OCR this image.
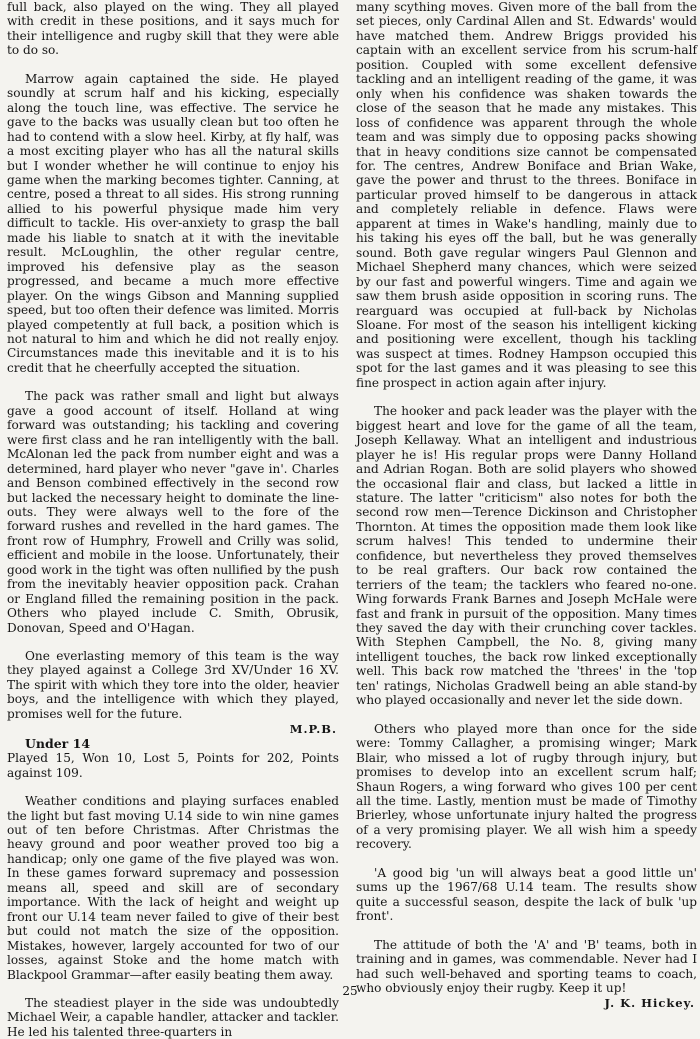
full back, also played on the wing. They all played with credit in these positions, and it says much for their intelligence and rugby skill that they were able to do so.

Marrow again captained the side. He played soundly at scrum half and his kicking, especially along the touch line, was effective. The service he gave to the backs was usually clean but too often he had to contend with a slow heel. Kirby, at fly half, was a most exciting player who has all the natural skills but I wonder whether he will continue to enjoy his game when the marking becomes tighter. Canning, at centre, posed a threat to all sides. His strong running allied to his powerful physique made him very difficult to tackle. His over-anxiety to grasp the ball made his liable to snatch at it with the inevitable result. McLoughlin, the other regular centre, improved his defensive play as the season progressed, and became a much more effective player. On the wings Gibson and Manning supplied speed, but too often their defence was limited. Morris played competently at full back, a position which is not natural to him and which he did not really enjoy. Circumstances made this inevitable and it is to his credit that he cheerfully accepted the situation.

The pack was rather small and light but always gave a good account of itself. Holland at wing forward was outstanding; his tackling and covering were first class and he ran intelligently with the ball. McAlonan led the pack from number eight and was a determined, hard player who never "gave in'. Charles and Benson combined effectively in the second row but lacked the necessary height to dominate the line-outs. They were always well to the fore of the forward rushes and revelled in the hard games. The front row of Humphry, Frowell and Crilly was solid, efficient and mobile in the loose. Unfortunately, their good work in the tight was often nullified by the push from the inevitably heavier opposition pack. Crahan or England filled the remaining position in the pack. Others who played include C. Smith, Obrusik, Donovan, Speed and O'Hagan.

One everlasting memory of this team is the way they played against a College 3rd XV/Under 16 XV. The spirit with which they tore into the older, heavier boys, and the intelligence with which they played, promises well for the future.

M.P.B.

Under 14

Played 15, Won 10, Lost 5, Points for 202, Points against 109.

Weather conditions and playing surfaces enabled the light but fast moving U.14 side to win nine games out of ten before Christmas. After Christmas the heavy ground and poor weather proved too big a handicap; only one game of the five played was won. In these games forward supremacy and possession means all, speed and skill are of secondary importance. With the lack of height and weight up front our U.14 team never failed to give of their best but could not match the size of the opposition. Mistakes, however, largely accounted for two of our losses, against Stoke and the home match with Blackpool Grammar—after easily beating them away.

The steadiest player in the side was undoubtedly Michael Weir, a capable handler, attacker and tackler. He led his talented three-quarters in

many scything moves. Given more of the ball from the set pieces, only Cardinal Allen and St. Edwards' would have matched them. Andrew Briggs provided his captain with an excellent service from his scrum-half position. Coupled with some excellent defensive tackling and an intelligent reading of the game, it was only when his confidence was shaken towards the close of the season that he made any mistakes. This loss of confidence was apparent through the whole team and was simply due to opposing packs showing that in heavy conditions size cannot be compensated for. The centres, Andrew Boniface and Brian Wake, gave the power and thrust to the threes. Boniface in particular proved himself to be dangerous in attack and completely reliable in defence. Flaws were apparent at times in Wake's handling, mainly due to his taking his eyes off the ball, but he was generally sound. Both gave regular wingers Paul Glennon and Michael Shepherd many chances, which were seized by our fast and powerful wingers. Time and again we saw them brush aside opposition in scoring runs. The rearguard was occupied at full-back by Nicholas Sloane. For most of the season his intelligent kicking and positioning were excellent, though his tackling was suspect at times. Rodney Hampson occupied this spot for the last games and it was pleasing to see this fine prospect in action again after injury.

The hooker and pack leader was the player with the biggest heart and love for the game of all the team, Joseph Kellaway. What an intelligent and industrious player he is! His regular props were Danny Holland and Adrian Rogan. Both are solid players who showed the occasional flair and class, but lacked a little in stature. The latter "criticism" also notes for both the second row men—Terence Dickinson and Christopher Thornton. At times the opposition made them look like scrum halves! This tended to undermine their confidence, but nevertheless they proved themselves to be real grafters. Our back row contained the terriers of the team; the tacklers who feared no-one. Wing forwards Frank Barnes and Joseph McHale were fast and frank in pursuit of the opposition. Many times they saved the day with their crunching cover tackles. With Stephen Campbell, the No. 8, giving many intelligent touches, the back row linked exceptionally well. This back row matched the 'threes' in the 'top ten' ratings, Nicholas Gradwell being an able stand-by who played occasionally and never let the side down.

Others who played more than once for the side were: Tommy Callagher, a promising winger; Mark Blair, who missed a lot of rugby through injury, but promises to develop into an excellent scrum half; Shaun Rogers, a wing forward who gives 100 per cent all the time. Lastly, mention must be made of Timothy Brierley, whose unfortunate injury halted the progress of a very promising player. We all wish him a speedy recovery.

'A good big 'un will always beat a good little un' sums up the 1967/68 U.14 team. The results show quite a successful season, despite the lack of bulk 'up front'.

The attitude of both the 'A' and 'B' teams, both in training and in games, was commendable. Never had I had such well-behaved and sporting teams to coach, who obviously enjoy their rugby. Keep it up!

J. K. Hickey.
25
